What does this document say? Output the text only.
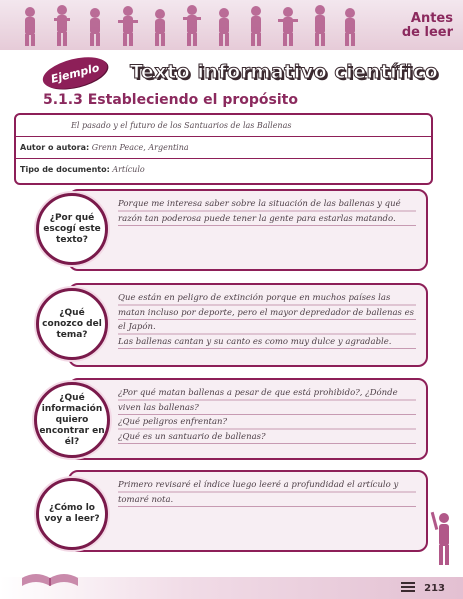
Antes
de leer
Ejemplo	Texto informativo científico
5.1.3 Estableciendo el propósito
El pasado y el futuro de los Santuarios de las Ballenas
Autor o autora: Grenn Peace, Argentina
Tipo de documento: Artículo

Porque me interesa saber sobre la situación de las ballenas y qué razón tan poderosa puede tener la gente para estarlas matando.

¿Por qué escogí este texto?

Que están en peligro de extinción porque en muchos países las matan incluso por deporte, pero el mayor depredador de ballenas es el Japón.

Las ballenas cantan y su canto es como muy dulce y agradable.

¿Qué conozco del tema?

¿Por qué matan ballenas a pesar de que está prohibido?, ¿Dónde viven las ballenas?

¿Qué peligros enfrentan?

¿Qué es un santuario de ballenas?

¿Qué información quiero encontrar en él?

Primero revisaré el índice luego leeré a profundidad el artículo y tomaré nota.

¿Cómo lo voy a leer?
213
